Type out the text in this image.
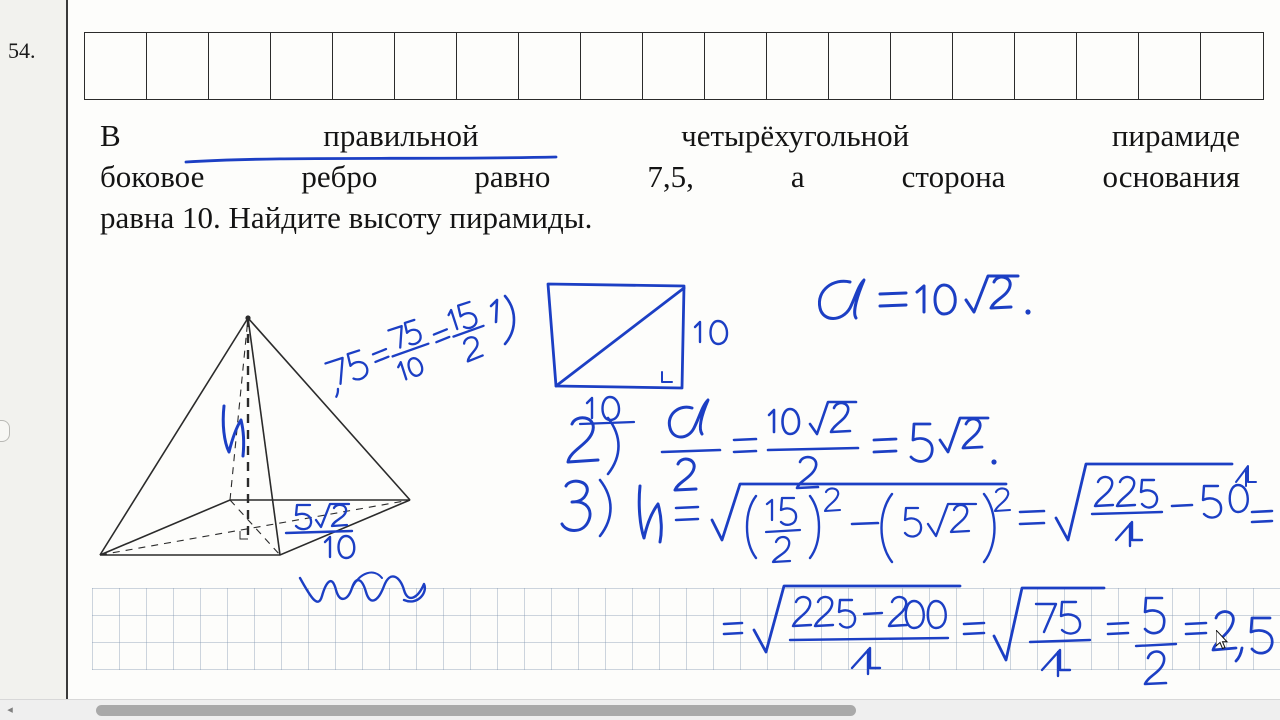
54.
В правильной четырёхугольной пирамиде
боковое ребро равно 7,5, а сторона основания
равна 10. Найдите высоту пирамиды.
◂
